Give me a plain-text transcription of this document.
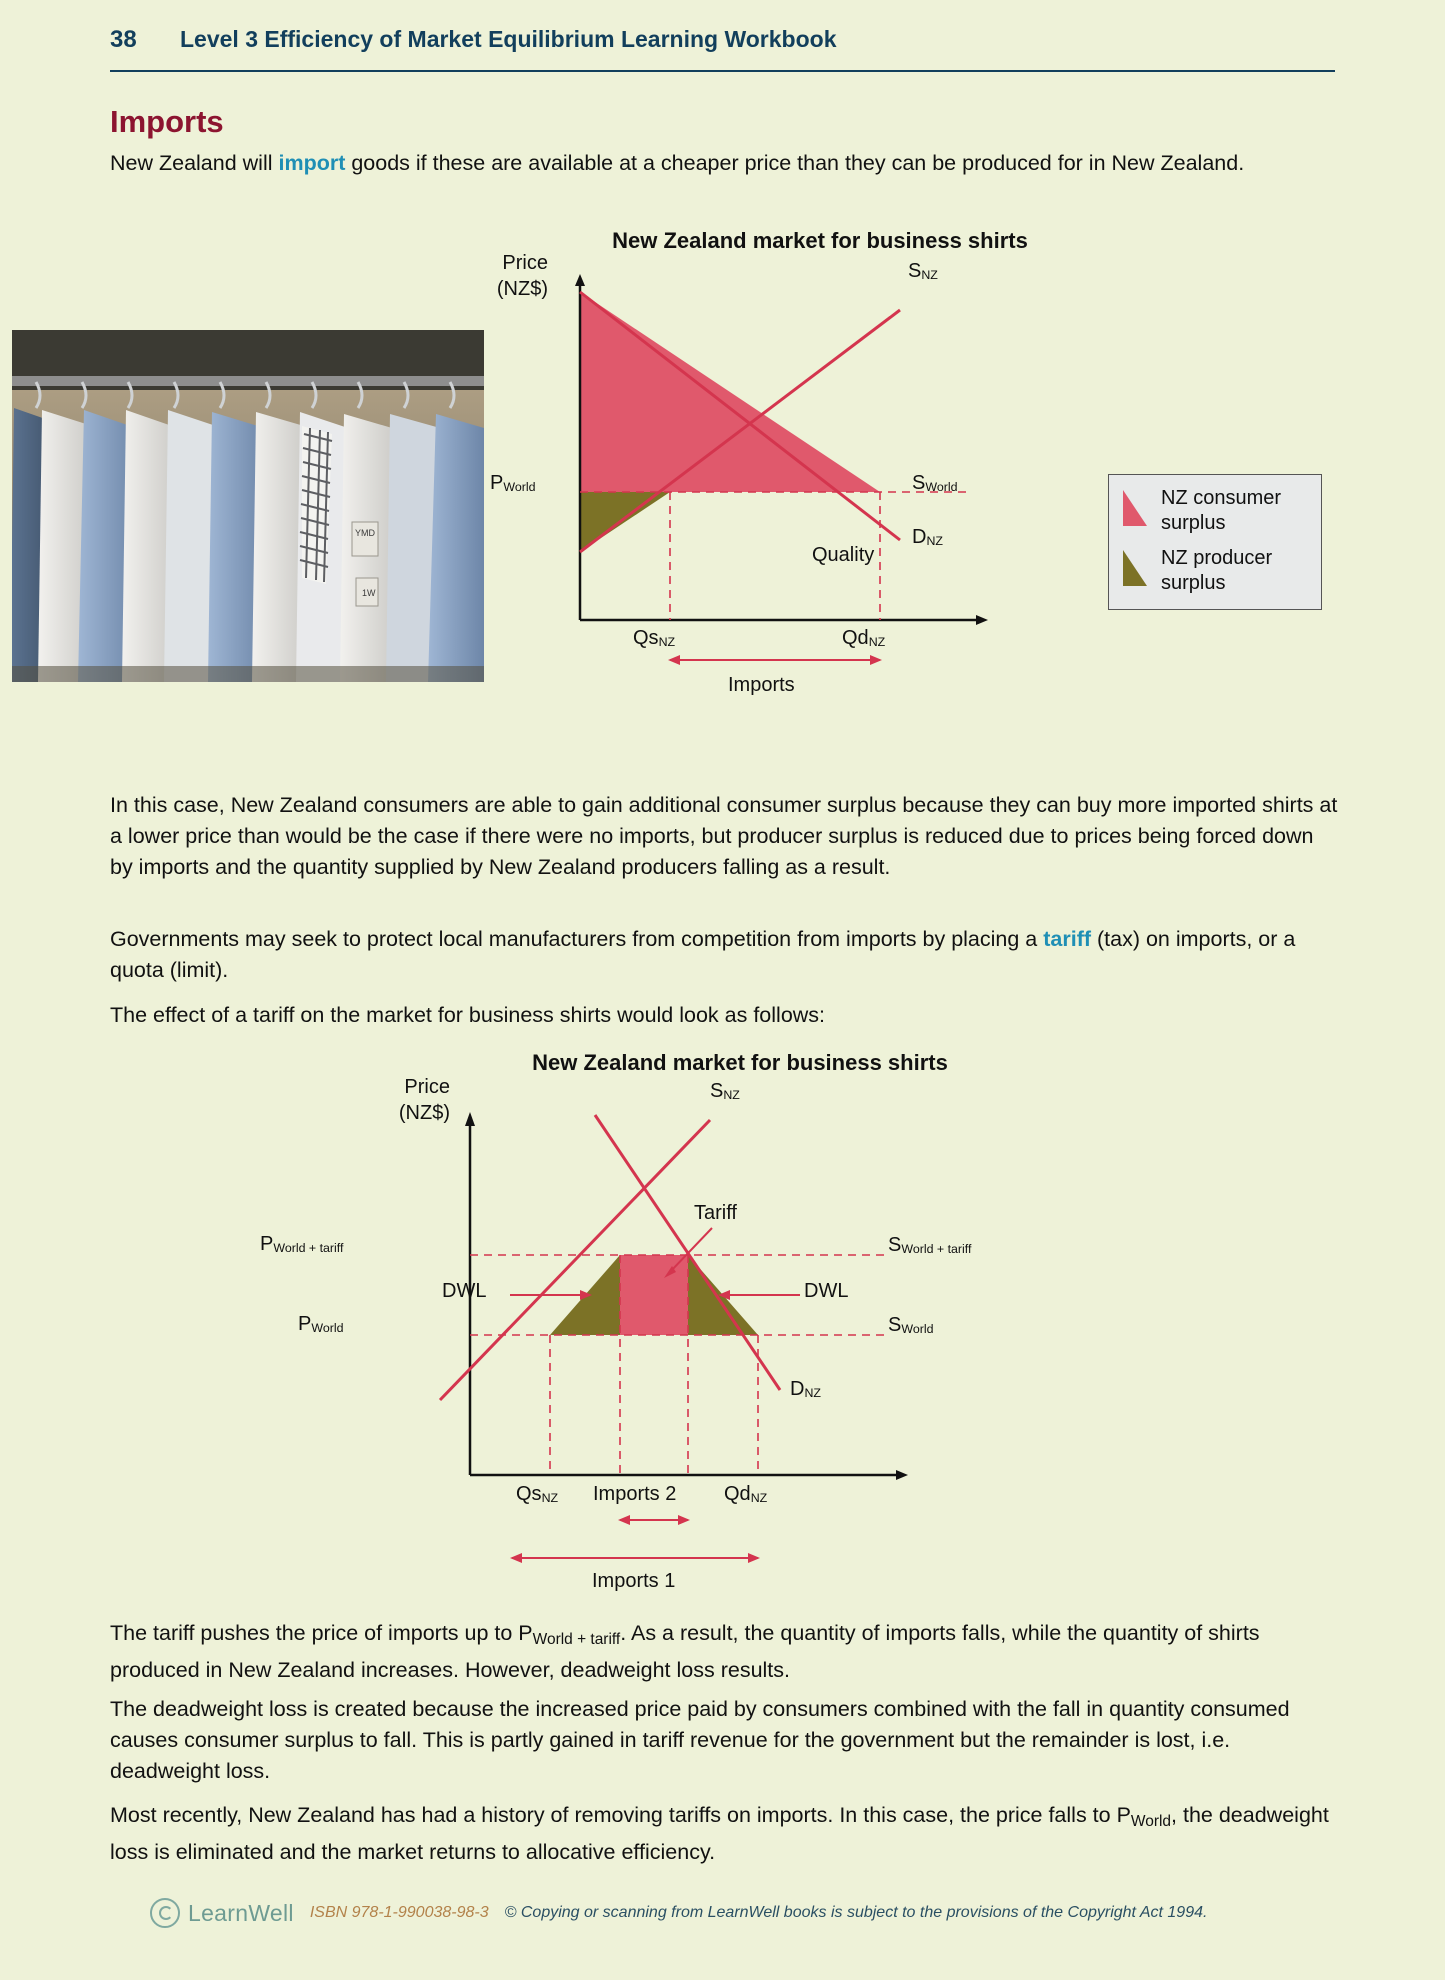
38	Level 3 Efficiency of Market Equilibrium Learning Workbook
Imports

New Zealand will import goods if these are available at a cheaper price than they can be produced for in New Zealand.

YMD
1W
New Zealand market for business shirts
Price
(NZ$)
Quality
PWorld
SNZ
SWorld
DNZ
QsNZ	QdNZ
Imports
NZ consumer surplus
NZ producer surplus

In this case, New Zealand consumers are able to gain additional consumer surplus because they can buy more imported shirts at a lower price than would be the case if there were no imports, but producer surplus is reduced due to prices being forced down by imports and the quantity supplied by New Zealand producers falling as a result.

Governments may seek to protect local manufacturers from competition from imports by placing a tariff (tax) on imports, or a quota (limit).

The effect of a tariff on the market for business shirts would look as follows:

New Zealand market for business shirts
Price
(NZ$)
PWorld + tariff
PWorld
SNZ
SWorld + tariff
SWorld
DNZ
Tariff
DWL	DWL
QsNZ	QdNZ
Imports 2
Imports 1

The tariff pushes the price of imports up to $P_{World + tariff}$. As a result, the quantity of imports falls, while the quantity of shirts produced in New Zealand increases. However, deadweight loss results.

The deadweight loss is created because the increased price paid by consumers combined with the fall in quantity consumed causes consumer surplus to fall. This is partly gained in tariff revenue for the government but the remainder is lost, i.e. deadweight loss.

Most recently, New Zealand has had a history of removing tariffs on imports. In this case, the price falls to $P_{World}$, the deadweight loss is eliminated and the market returns to allocative efficiency.

LearnWell ISBN 978-1-990038-98-3 © Copying or scanning from LearnWell books is subject to the provisions of the Copyright Act 1994.
